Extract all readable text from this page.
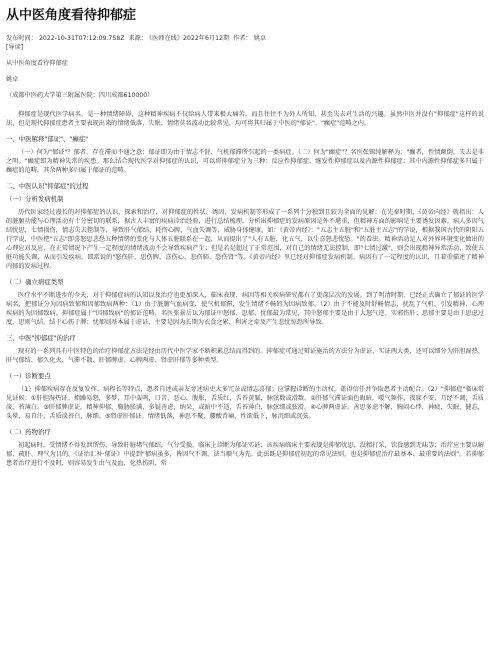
从中医角度看待抑郁症
发布时间： 2022-10-31T07:12:09.758Z 来源： 《医师在线》2022年6月12期 作者： 姚卓
[导读]

从中医角度看待抑郁症

姚卓

（成都中医药大学第三附属医院；四川成都610000）

抑郁症是现代医学病名，是一种情绪障碍，这种精神疾病不仅给病人带来极大痛苦，而且往往不为外人所知，甚至失去对生活的兴趣。虽然中医并没有"抑郁症"这样的说法，但是现代抑郁症患者主要表现出来的情绪低落、失眠、情绪莫名波动比较常见，均可将其归属于中医的"郁证"、"癫症"范畴之内。

一、中医解释"郁证"、"癫症"

（一）何为"郁证"？郁者，存在滞而不通之意；郁证即为由于情志不舒、气机郁滞所引起的一类病症。（二）何为"癫症"？名医张锡纯解释为："癫者，性情颠倒，失去是非之明。"癫症即为精神失常的疾患。那么结合现代医学对抑郁症的认识，可以将抑郁症分为三种：反应性抑郁症、继发性抑郁症以及内源性抑郁症；其中内源性抑郁症多归属于癫症的范畴，其余两种多归属于郁证的范畴。

二、中医认识"抑郁症"的过程

（一）分析发病机制

历代医家经过漫长的对抑郁症的认识、探索和治疗，对抑郁症的性状、诱因、发病机制等形成了一系列十分独到且较为全面的见解：在先秦时期，《黄帝内经》就指出：人的脏腑功能与心理活动有十分密切的联系，据古人丰富的疾病诊治经验，进行总结梳理，分析出抑郁症的发病原因是外不堪重，但精神方面的影响是主要诱发因素。病人多因气结忧思，七情损伤，情志失去控制等，导致肝气郁结，耗伤心脾，气血失调等，威胁身体健康。如：《黄帝内经》："五志主五脏"和"五脏主五志"的学说，根据我国古代的阴阳五行学说，中医把"五志"即喜怒思悲恐五种情绪的变化与人体五脏联系在一起，从而提出了"人有五脏，化五气，以生喜怒悲忧恐。"的看法。精神活动是人对外界环境变化做出的心理应对反应，在正常情况下产生一定程度的情绪波动不会导致疾病产生；但是若是超过了正常范围，对自己的情绪无法控制，即"七情过激"，则会出现精神异常活动，致使五脏功能失调，从而引发疾病，即常说的"怒伤肝、思伤脾、喜伤心、悲伤肺、恐伤肾"等。《黄帝内经》里已经对抑郁症发病机制、病因有了一定程度的认识，且着重描述了精神内郁的发病过程。

（二）确立病症类型

医疗水平不断进步的今天，对于抑郁症病的认知以及治疗也更加深入，临床表现、病因等相关疾病研究都有了更深层次的发展。到了明清时期，已经正式确立了郁证的医学病名，把郁证分为因病致郁和因郁致病两种：（1）由于脏腑气血病变，使气机郁滞，发生情绪不畅的为因病致郁。（2）由于不能及时舒畅情志，扰乱了气机，引发精神、心理疾病的为因郁致病。抑郁症属于"因郁致病"的郁证范畴，名医张景岳认为郁证中怒郁、思郁、忧郁最为常见，其中怒郁主要是由于大怒气逆、实邪伤肝；思郁主要是由于思虑过度，思则气结，结于心伤于脾；忧郁则基本属于虚证，主要是因为长期为衣食之累，利害之牵及产生悲忧惊恐所导致。

三、中医"抑郁症"的治疗

现有的一系列具有中医特色的治疗抑郁症方法是经由历代中医学家不断积累总结而得到的。抑郁症可通过辩证施治的方法分为虚证、实证两大类，还可以细分为肝胆湿热、肝气郁结、郁久化火、气滞不散、肝郁脾虚、心脾两虚、肾虚肝郁等多种类型。

（一）诊断要点

（1）抑郁疾病存在反复发作、病程长等特点，患者自述或亲友旁述病史大多冗杂或情志喜郁；应掌握诊断的主动权，盖得信任并争取患者主动配合。（2）"抑郁症"临床常见证候：①肝胆湿热证。烦躁易怒，多梦，耳中轰鸣，口苦，恶心，腹胀，舌质红，舌苔黄腻，脉弦数或滑数。②肝郁气滞证面色晦暗，嗳气频作，夜寐不安，月经不调，舌质淡，苔薄白。③肝郁脾虚证。精神抑郁，胸胁胀满，多疑善虑，纳呆，或暗中不适，舌苔薄白，脉弦细或弦滑。④心脾两虚证。善思多虑不解，胸闷心悸，神疲，失眠，健忘，头晕，易自汗，舌质淡苔白，脉细。⑤肾虚肝郁证。情绪低落，神思不聚，腰酸背痛，性欲低下，脉沉细或沉弦。

（二）药物治疗

初起病时，受情绪不得发泄所伤，导致肝脏堵气郁结，气分受损，临床上诊断为郁证实证，该疾病临床主要表现是抑郁忧思，没精打采，饮食感到无味等；治疗应主要以解郁、疏肝、理气为目的。《证治汇补·郁证》中提到"郁病虽多，皆因气不调，法当顺气为先。此法既是抑郁症初起的常见法则，也是抑郁症治疗最基本、最重要的法则"。若抑郁患者治疗进行不及时，则容易发生由气及血，化热伤阴，常
